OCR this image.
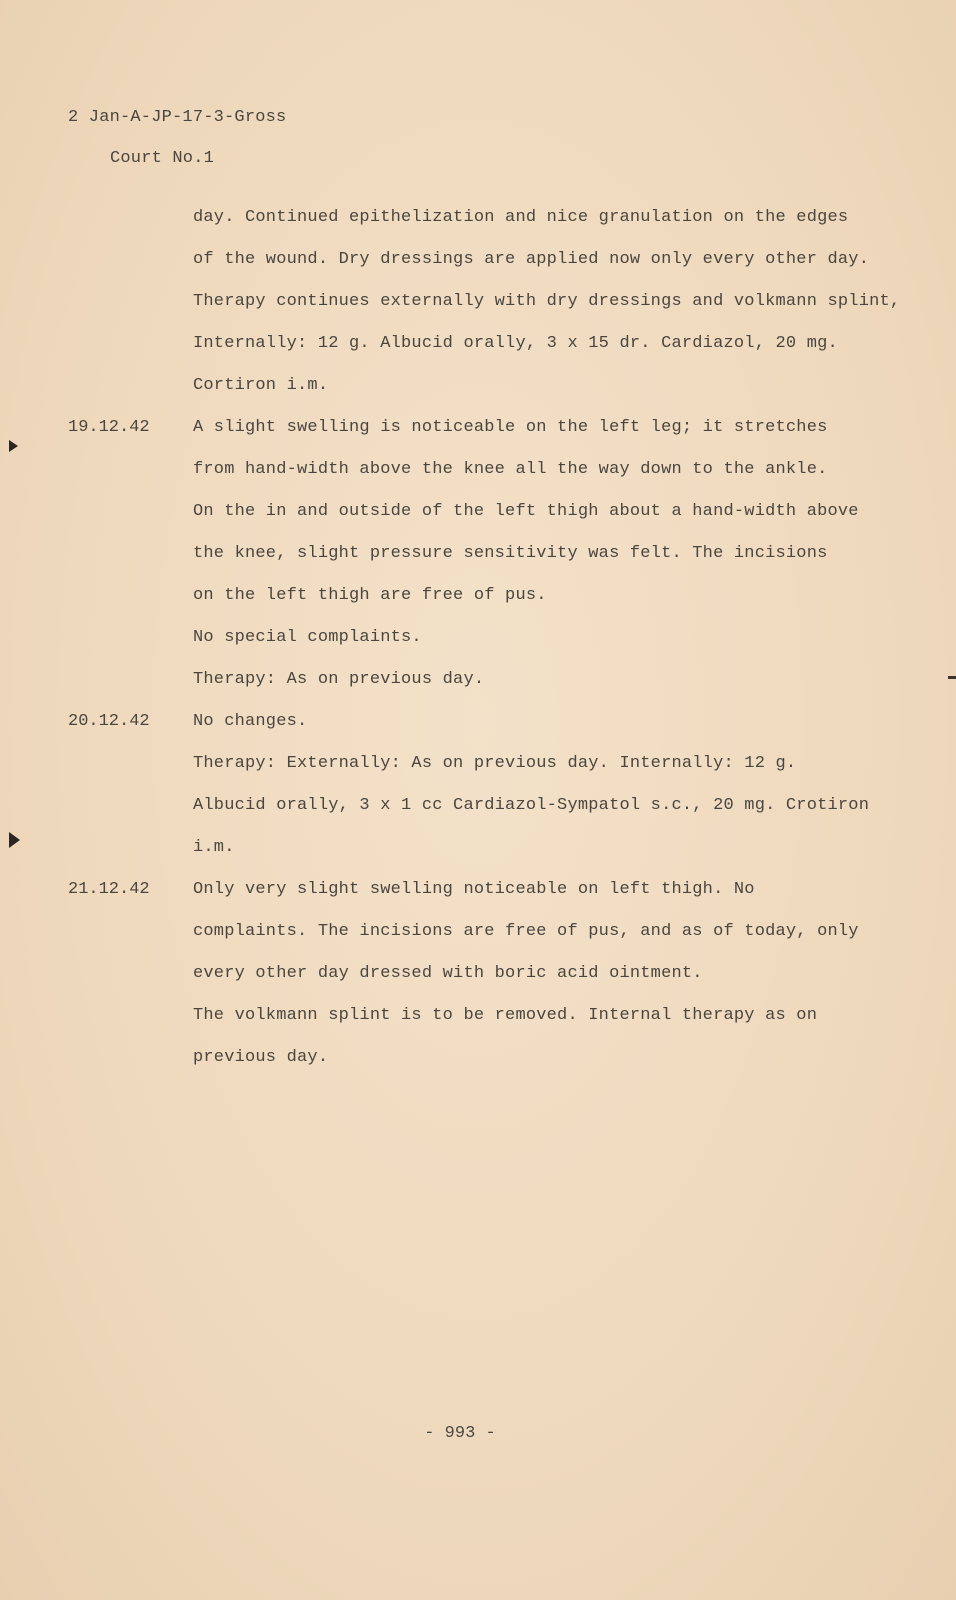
2 Jan-A-JP-17-3-Gross
Court No.1
day. Continued epithelization and nice granulation on the edges
of the wound. Dry dressings are applied now only every other day.
Therapy continues externally with dry dressings and volkmann splint,
Internally: 12 g. Albucid orally, 3 x 15 dr. Cardiazol, 20 mg.
Cortiron i.m.
19.12.42	A slight swelling is noticeable on the left leg; it stretches
from hand-width above the knee all the way down to the ankle.
On the in and outside of the left thigh about a hand-width above
the knee, slight pressure sensitivity was felt. The incisions
on the left thigh are free of pus.
No special complaints.
Therapy: As on previous day.
20.12.42	No changes.
Therapy: Externally: As on previous day. Internally: 12 g.
Albucid orally, 3 x 1 cc Cardiazol-Sympatol s.c., 20 mg. Crotiron
i.m.
21.12.42	Only very slight swelling noticeable on left thigh. No
complaints. The incisions are free of pus, and as of today, only
every other day dressed with boric acid ointment.
The volkmann splint is to be removed. Internal therapy as on
previous day.
- 993 -
